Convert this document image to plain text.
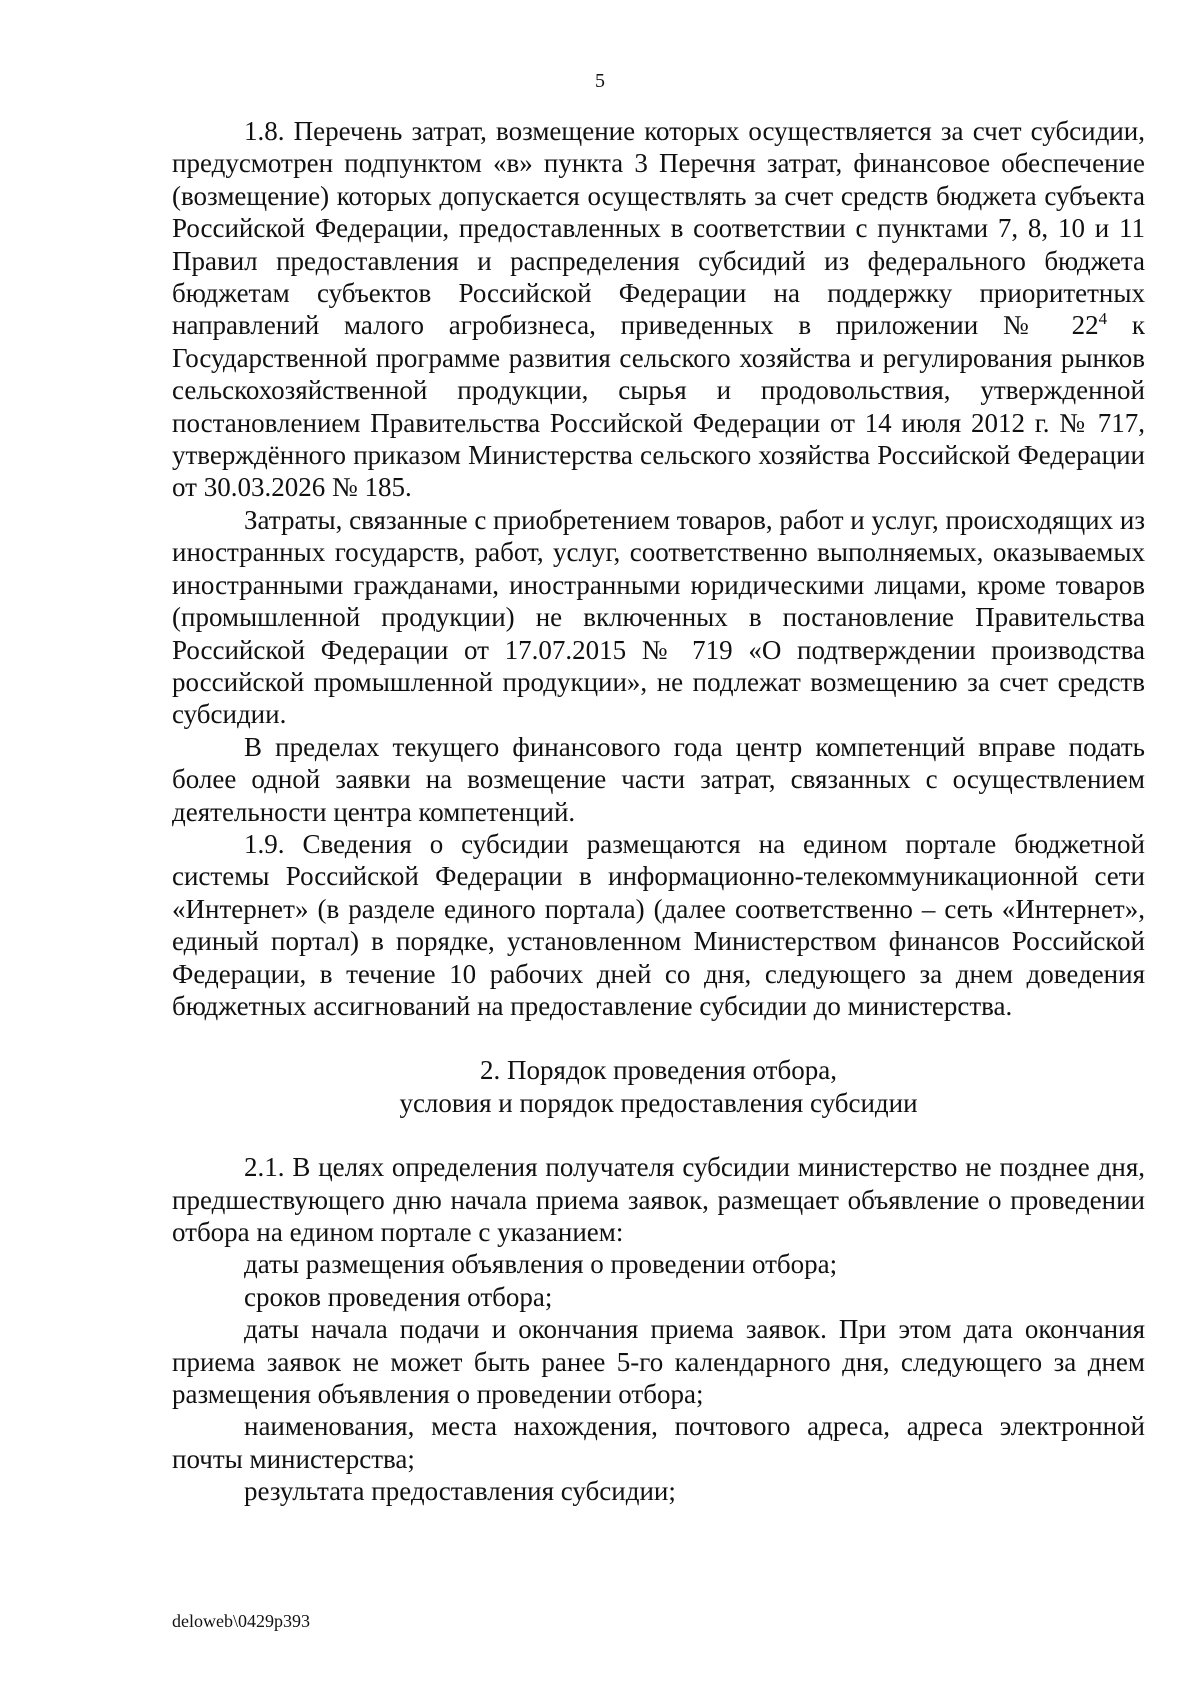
5

1.8. Перечень затрат, возмещение которых осуществляется за счет субсидии, предусмотрен подпунктом «в» пункта 3 Перечня затрат, финансовое обеспечение (возмещение) которых допускается осуществлять за счет средств бюджета субъекта Российской Федерации, предоставленных в соответствии с пунктами 7, 8, 10 и 11 Правил предоставления и распределения субсидий из федерального бюджета бюджетам субъектов Российской Федерации на поддержку приоритетных направлений малого агробизнеса, приведенных в приложении № $22^4$ к Государственной программе развития сельского хозяйства и регулирования рынков сельскохозяйственной продукции, сырья и продовольствия, утвержденной постановлением Правительства Российской Федерации от 14 июля 2012 г. № 717, утверждённого приказом Министерства сельского хозяйства Российской Федерации от 30.03.2026 № 185.

Затраты, связанные с приобретением товаров, работ и услуг, происходящих из иностранных государств, работ, услуг, соответственно выполняемых, оказываемых иностранными гражданами, иностранными юридическими лицами, кроме товаров (промышленной продукции) не включенных в постановление Правительства Российской Федерации от 17.07.2015 № 719 «О подтверждении производства российской промышленной продукции», не подлежат возмещению за счет средств субсидии.

В пределах текущего финансового года центр компетенций вправе подать более одной заявки на возмещение части затрат, связанных с осуществлением деятельности центра компетенций.

1.9. Сведения о субсидии размещаются на едином портале бюджетной системы Российской Федерации в информационно-телекоммуникационной сети «Интернет» (в разделе единого портала) (далее соответственно – сеть «Интернет», единый портал) в порядке, установленном Министерством финансов Российской Федерации, в течение 10 рабочих дней со дня, следующего за днем доведения бюджетных ассигнований на предоставление субсидии до министерства.

2. Порядок проведения отбора,

условия и порядок предоставления субсидии

2.1. В целях определения получателя субсидии министерство не позднее дня, предшествующего дню начала приема заявок, размещает объявление о проведении отбора на едином портале с указанием:

даты размещения объявления о проведении отбора;

сроков проведения отбора;

даты начала подачи и окончания приема заявок. При этом дата окончания приема заявок не может быть ранее 5-го календарного дня, следующего за днем размещения объявления о проведении отбора;

наименования, места нахождения, почтового адреса, адреса электронной почты министерства;

результата предоставления субсидии;

deloweb\0429p393
